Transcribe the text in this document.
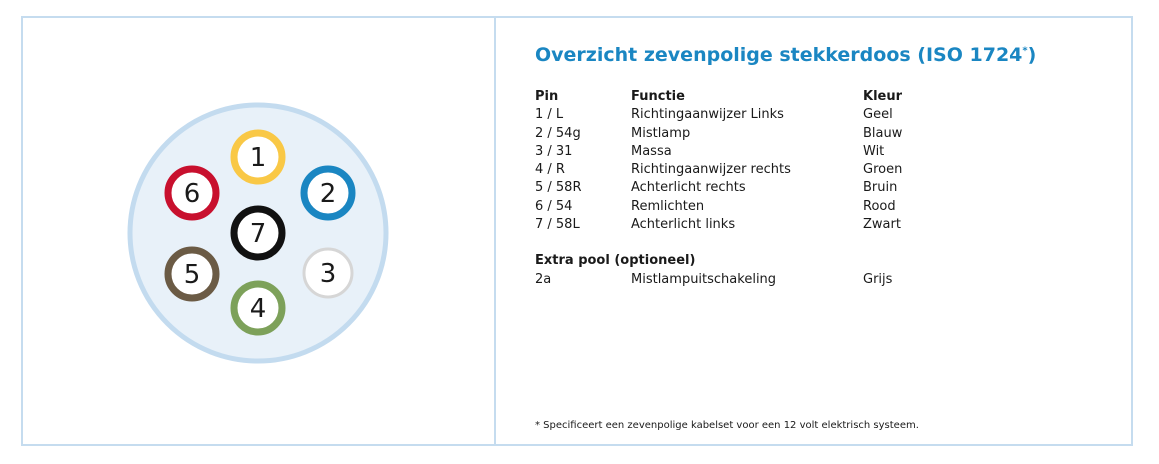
1
2
3
4
5
6
7
Overzicht zevenpolige stekkerdoos (ISO 1724*)
Pin
1 / L
2 / 54g
3 / 31
4 / R
5 / 58R
6 / 54
7 / 58L
Functie
Richtingaanwijzer Links
Mistlamp
Massa
Richtingaanwijzer rechts
Achterlicht rechts
Remlichten
Achterlicht links
Kleur
Geel
Blauw
Wit
Groen
Bruin
Rood
Zwart
Extra pool (optioneel)
2a	Mistlampuitschakeling	Grijs
* Specificeert een zevenpolige kabelset voor een 12 volt elektrisch systeem.
